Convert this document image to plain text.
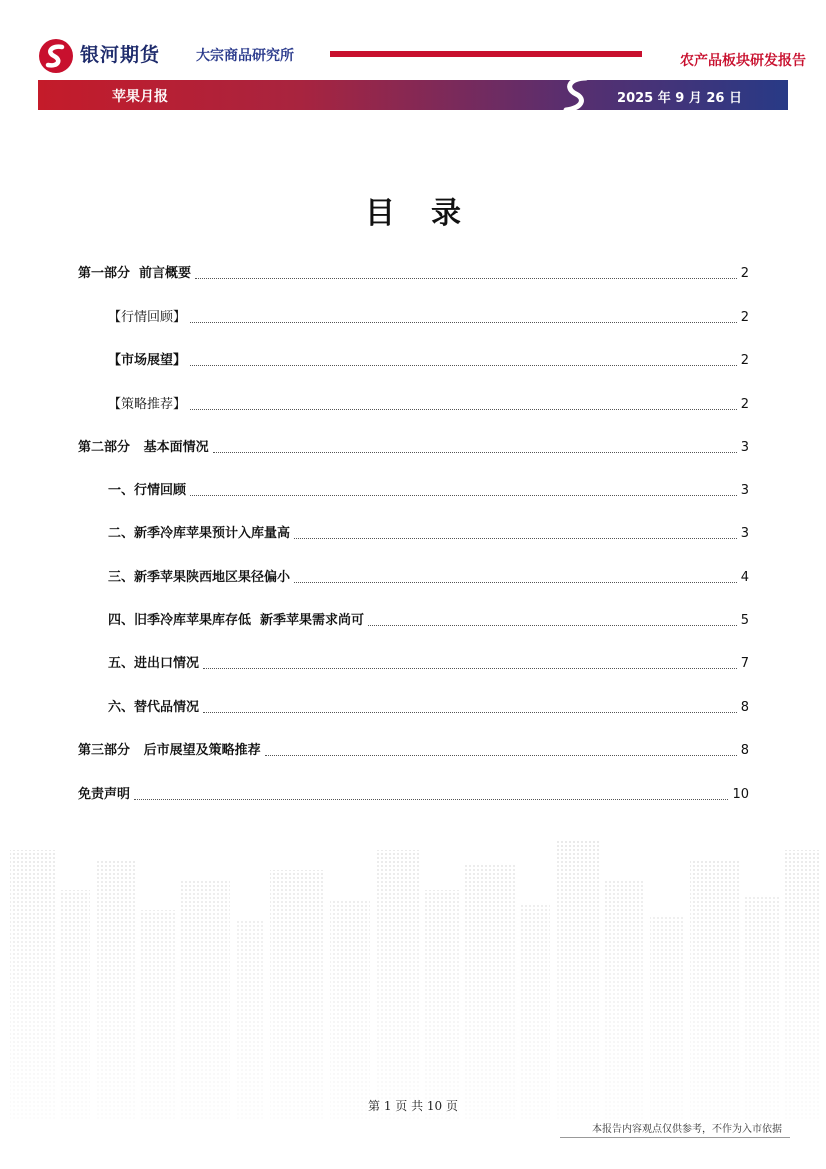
银河期货	大宗商品研究所	农产品板块研发报告
苹果月报	2025 年 9 月 26 日
目录
第一部分  前言概要	2
【行情回顾】	2
【市场展望】	2
【策略推荐】	2
第二部分   基本面情况	3
一、行情回顾	3
二、新季冷库苹果预计入库量高	3
三、新季苹果陕西地区果径偏小	4
四、旧季冷库苹果库存低  新季苹果需求尚可	5
五、进出口情况	7
六、替代品情况	8
第三部分   后市展望及策略推荐	8
免责声明	10
第 1 页 共 10 页
本报告内容观点仅供参考，不作为入市依据
